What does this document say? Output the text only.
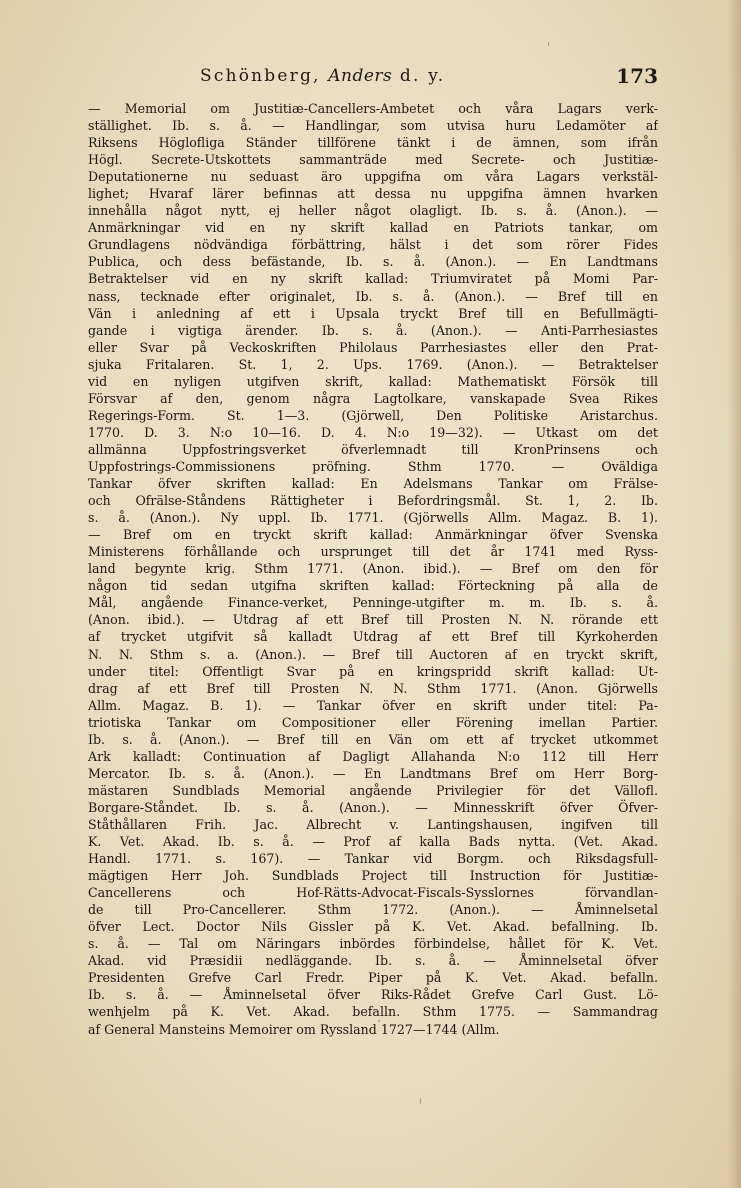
Schönberg, Anders d. y.	173
— Memorial om Justitiæ-Cancellers-Ambetet och våra Lagars verk-
ställighet. Ib. s. å. — Handlingar, som utvisa huru Ledamöter af
Riksens Höglofliga Ständer tillförene tänkt i de ämnen, som ifrån
Högl. Secrete-Utskottets sammanträde med Secrete- och Justitiæ-
Deputationerne nu seduast äro uppgifna om våra Lagars verkstäl-
lighet; Hvaraf lärer befinnas att dessa nu uppgifna ämnen hvarken
innehålla något nytt, ej heller något olagligt. Ib. s. å. (Anon.). —
Anmärkningar vid en ny skrift kallad en Patriots tankar, om
Grundlagens nödvändiga förbättring, hälst i det som rörer Fides
Publica, och dess befästande, Ib. s. å. (Anon.). — En Landtmans
Betraktelser vid en ny skrift kallad: Triumviratet på Momi Par-
nass, tecknade efter originalet, Ib. s. å. (Anon.). — Bref till en
Vän i anledning af ett i Upsala tryckt Bref till en Befullmägti-
gande i vigtiga ärender. Ib. s. å. (Anon.). — Anti-Parrhesiastes
eller Svar på Veckoskriften Philolaus Parrhesiastes eller den Prat-
sjuka Fritalaren. St. 1, 2. Ups. 1769. (Anon.). — Betraktelser
vid en nyligen utgifven skrift, kallad: Mathematiskt Försök till
Försvar af den, genom några Lagtolkare, vanskapade Svea Rikes
Regerings-Form. St. 1—3. (Gjörwell, Den Politiske Aristarchus.
1770. D. 3. N:o 10—16. D. 4. N:o 19—32). — Utkast om det
allmänna Uppfostringsverket öfverlemnadt till KronPrinsens och
Uppfostrings-Commissionens pröfning. Sthm 1770. — Oväldiga
Tankar öfver skriften kallad: En Adelsmans Tankar om Frälse-
och Ofrälse-Ståndens Rättigheter i Befordringsmål. St. 1, 2. Ib.
s. å. (Anon.). Ny uppl. Ib. 1771. (Gjörwells Allm. Magaz. B. 1).
— Bref om en tryckt skrift kallad: Anmärkningar öfver Svenska
Ministerens förhållande och ursprunget till det år 1741 med Ryss-
land begynte krig. Sthm 1771. (Anon. ibid.). — Bref om den för
någon tid sedan utgifna skriften kallad: Förteckning på alla de
Mål, angående Finance-verket, Penninge-utgifter m. m. Ib. s. å.
(Anon. ibid.). — Utdrag af ett Bref till Prosten N. N. rörande ett
af trycket utgifvit så kalladt Utdrag af ett Bref till Kyrkoherden
N. N. Sthm s. a. (Anon.). — Bref till Auctoren af en tryckt skrift,
under titel: Offentligt Svar på en kringspridd skrift kallad: Ut-
drag af ett Bref till Prosten N. N. Sthm 1771. (Anon. Gjörwells
Allm. Magaz. B. 1). — Tankar öfver en skrift under titel: Pa-
triotiska Tankar om Compositioner eller Förening imellan Partier.
Ib. s. å. (Anon.). — Bref till en Vän om ett af trycket utkommet
Ark kalladt: Continuation af Dagligt Allahanda N:o 112 till Herr
Mercator. Ib. s. å. (Anon.). — En Landtmans Bref om Herr Borg-
mästaren Sundblads Memorial angående Privilegier för det Vällofl.
Borgare-Ståndet. Ib. s. å. (Anon.). — Minnesskrift öfver Öfver-
Ståthållaren Frih. Jac. Albrecht v. Lantingshausen, ingifven till
K. Vet. Akad. Ib. s. å. — Prof af kalla Bads nytta. (Vet. Akad.
Handl. 1771. s. 167). — Tankar vid Borgm. och Riksdagsfull-
mägtigen Herr Joh. Sundblads Project till Instruction för Justitiæ-
Cancellerens och Hof-Rätts-Advocat-Fiscals-Sysslornes förvandlan-
de till Pro-Cancellerer. Sthm 1772. (Anon.). — Åminnelsetal
öfver Lect. Doctor Nils Gissler på K. Vet. Akad. befallning. Ib.
s. å. — Tal om Näringars inbördes förbindelse, hållet för K. Vet.
Akad. vid Præsidii nedläggande. Ib. s. å. — Åminnelsetal öfver
Presidenten Grefve Carl Fredr. Piper på K. Vet. Akad. befalln.
Ib. s. å. — Åminnelsetal öfver Riks-Rådet Grefve Carl Gust. Lö-
wenhjelm på K. Vet. Akad. befalln. Sthm 1775. — Sammandrag
af General Mansteins Memoirer om Ryssland 1727—1744 (Allm.
